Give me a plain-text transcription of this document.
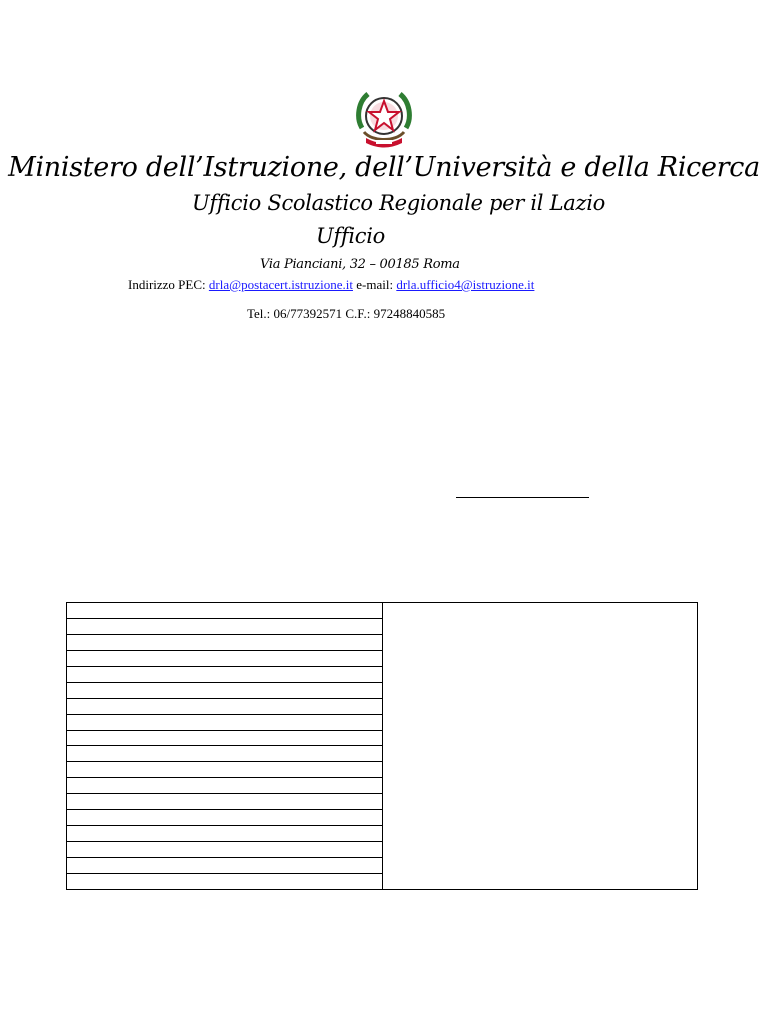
Ministero dell’Istruzione, dell’Università e della Ricerca
Ufficio Scolastico Regionale per il Lazio
Ufficio
Via Pianciani, 32 – 00185 Roma
Indirizzo PEC: drla@postacert.istruzione.it e-mail: drla.ufficio4@istruzione.it
Tel.: 06/77392571 C.F.: 97248840585
